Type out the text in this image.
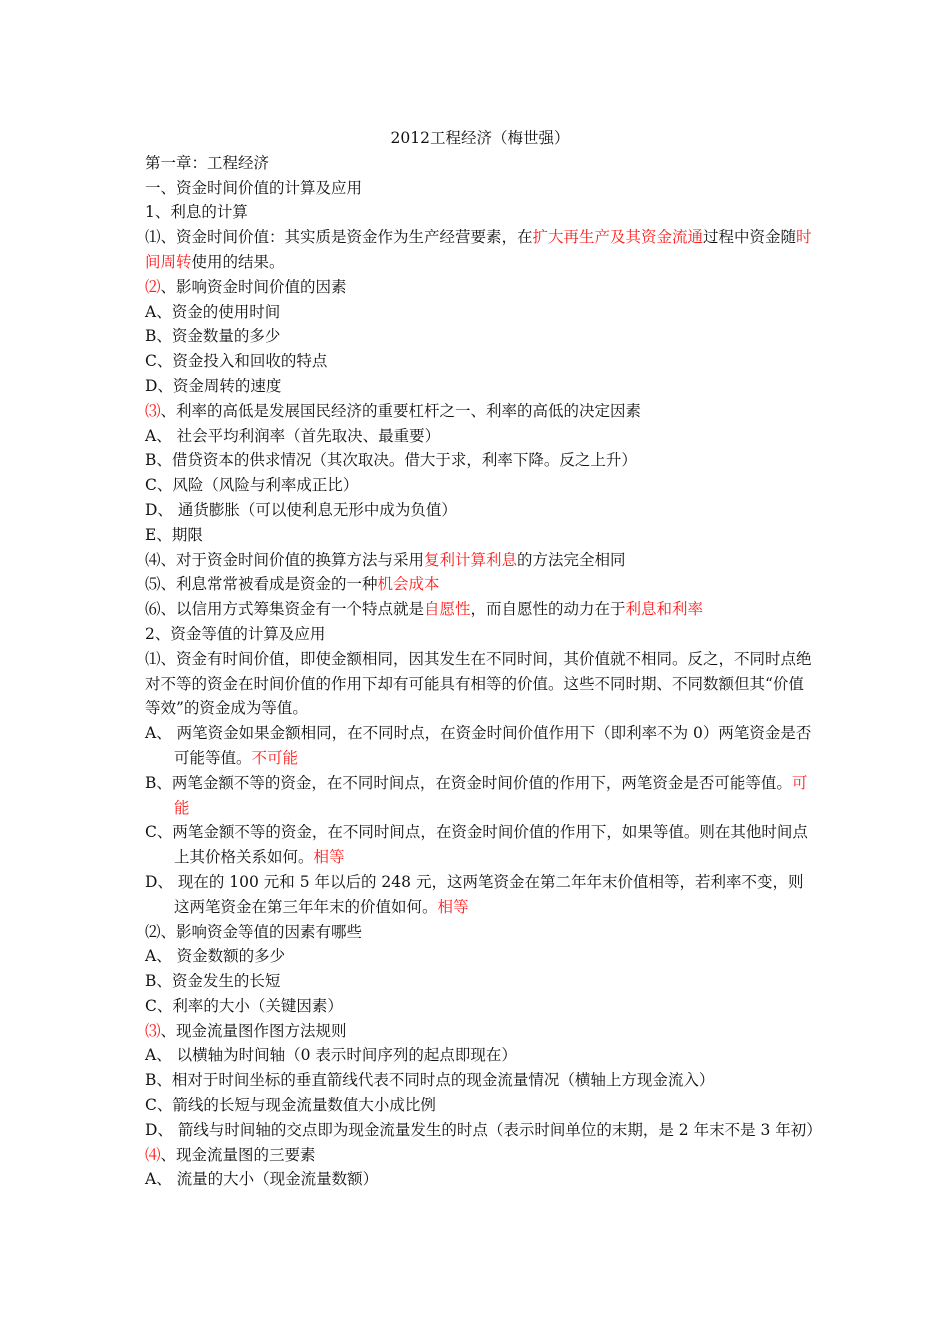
2012工程经济（梅世强）

第一章：工程经济

一、资金时间价值的计算及应用

1、利息的计算

⑴、资金时间价值：其实质是资金作为生产经营要素，在扩大再生产及其资金流通过程中资金随时间周转使用的结果。

⑵、影响资金时间价值的因素

A、资金的使用时间

B、资金数量的多少

C、资金投入和回收的特点

D、资金周转的速度

⑶、利率的高低是发展国民经济的重要杠杆之一、利率的高低的决定因素

A、 社会平均利润率（首先取决、最重要）

B、借贷资本的供求情况（其次取决。借大于求，利率下降。反之上升）

C、风险（风险与利率成正比）

D、 通货膨胀（可以使利息无形中成为负值）

E、期限

⑷、对于资金时间价值的换算方法与采用复利计算利息的方法完全相同

⑸、利息常常被看成是资金的一种机会成本

⑹、以信用方式筹集资金有一个特点就是自愿性，而自愿性的动力在于利息和利率

2、资金等值的计算及应用

⑴、资金有时间价值，即使金额相同，因其发生在不同时间，其价值就不相同。反之，不同时点绝对不等的资金在时间价值的作用下却有可能具有相等的价值。这些不同时期、不同数额但其“价值等效”的资金成为等值。

A、 两笔资金如果金额相同，在不同时点，在资金时间价值作用下（即利率不为 0）两笔资金是否可能等值。不可能

B、两笔金额不等的资金，在不同时间点，在资金时间价值的作用下，两笔资金是否可能等值。可能

C、两笔金额不等的资金，在不同时间点，在资金时间价值的作用下，如果等值。则在其他时间点上其价格关系如何。相等

D、 现在的 100 元和 5 年以后的 248 元，这两笔资金在第二年年末价值相等，若利率不变，则这两笔资金在第三年年末的价值如何。相等

⑵、影响资金等值的因素有哪些

A、 资金数额的多少

B、资金发生的长短

C、利率的大小（关键因素）

⑶、现金流量图作图方法规则

A、 以横轴为时间轴（0 表示时间序列的起点即现在）

B、相对于时间坐标的垂直箭线代表不同时点的现金流量情况（横轴上方现金流入）

C、箭线的长短与现金流量数值大小成比例

D、 箭线与时间轴的交点即为现金流量发生的时点（表示时间单位的末期，是 2 年末不是 3 年初）

⑷、现金流量图的三要素

A、 流量的大小（现金流量数额）
